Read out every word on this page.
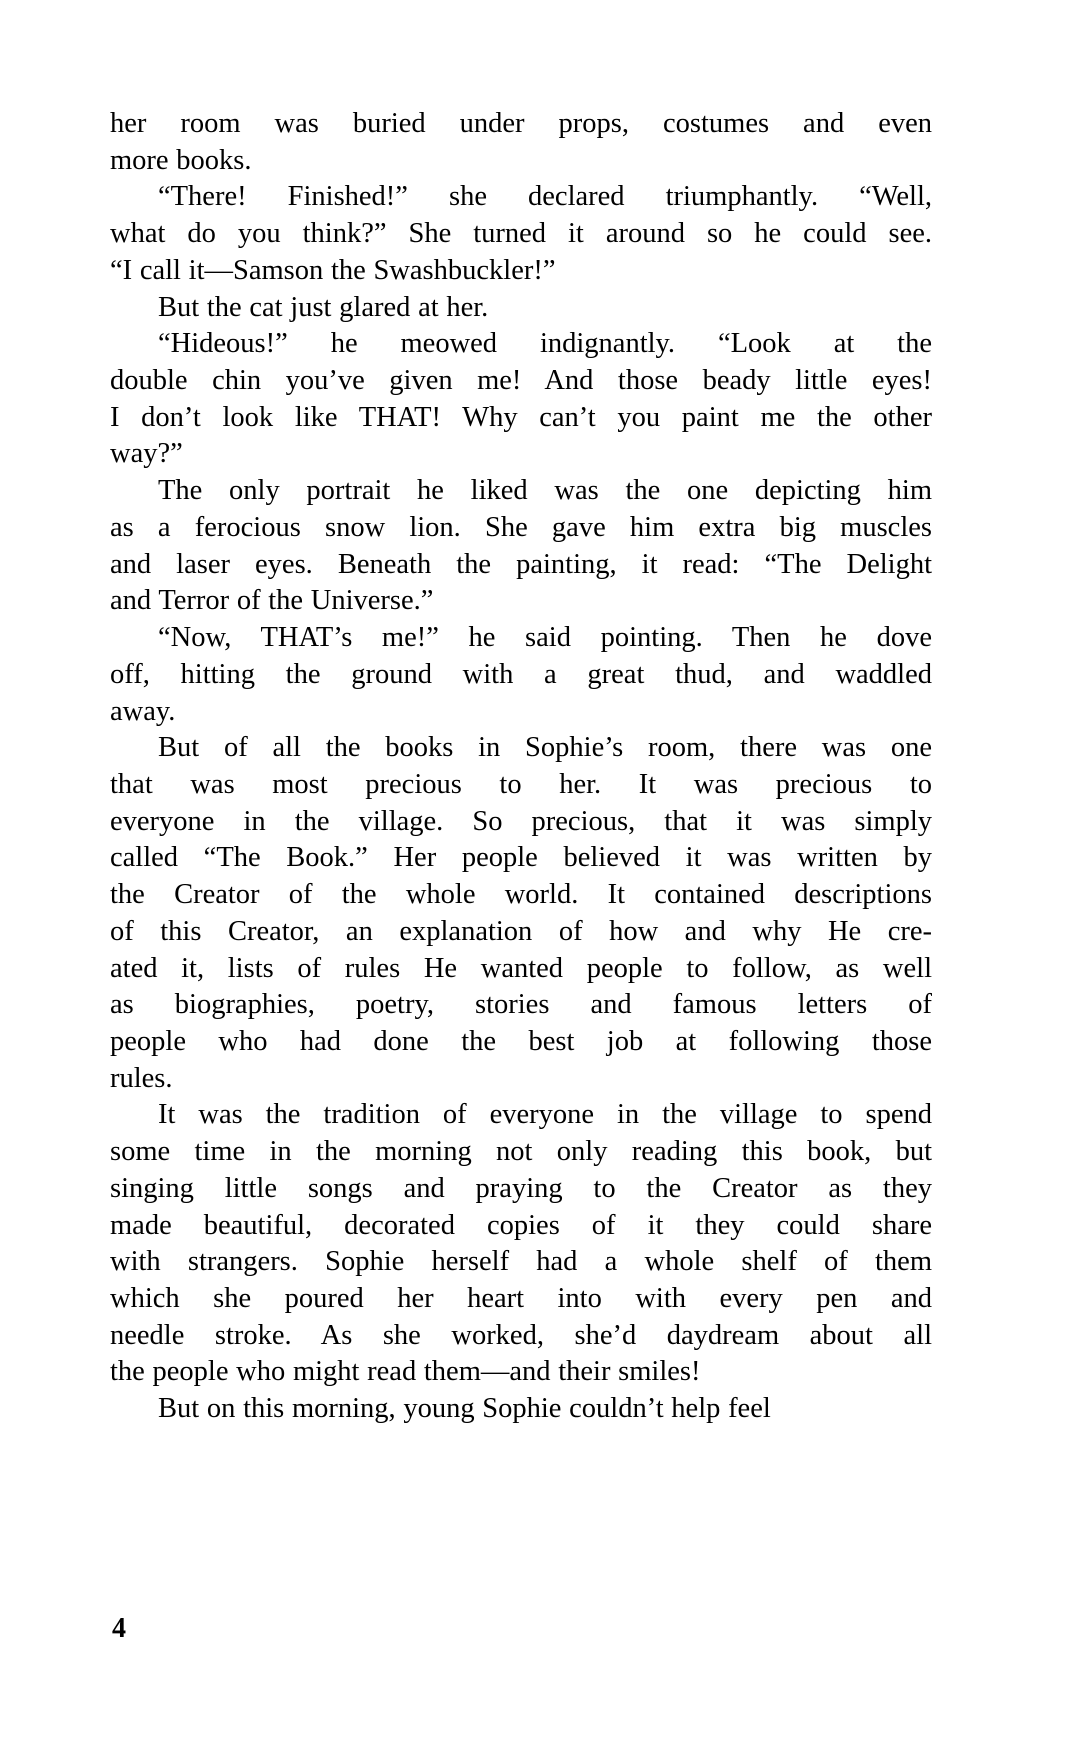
her room was buried under props, costumes and even
more books.
“There! Finished!” she declared triumphantly. “Well,
what do you think?” She turned it around so he could see.
“I call it—Samson the Swashbuckler!”
But the cat just glared at her.
“Hideous!” he meowed indignantly. “Look at the
double chin you’ve given me! And those beady little eyes!
I don’t look like THAT! Why can’t you paint me the other
way?”
The only portrait he liked was the one depicting him
as a ferocious snow lion. She gave him extra big muscles
and laser eyes. Beneath the painting, it read: “The Delight
and Terror of the Universe.”
“Now, THAT’s me!” he said pointing. Then he dove
off, hitting the ground with a great thud, and waddled
away.
But of all the books in Sophie’s room, there was one
that was most precious to her. It was precious to
everyone in the village. So precious, that it was simply
called “The Book.” Her people believed it was written by
the Creator of the whole world. It contained descriptions
of this Creator, an explanation of how and why He cre-
ated it, lists of rules He wanted people to follow, as well
as biographies, poetry, stories and famous letters of
people who had done the best job at following those
rules.
It was the tradition of everyone in the village to spend
some time in the morning not only reading this book, but
singing little songs and praying to the Creator as they
made beautiful, decorated copies of it they could share
with strangers. Sophie herself had a whole shelf of them
which she poured her heart into with every pen and
needle stroke. As she worked, she’d daydream about all
the people who might read them—and their smiles!
But on this morning, young Sophie couldn’t help feel
4
